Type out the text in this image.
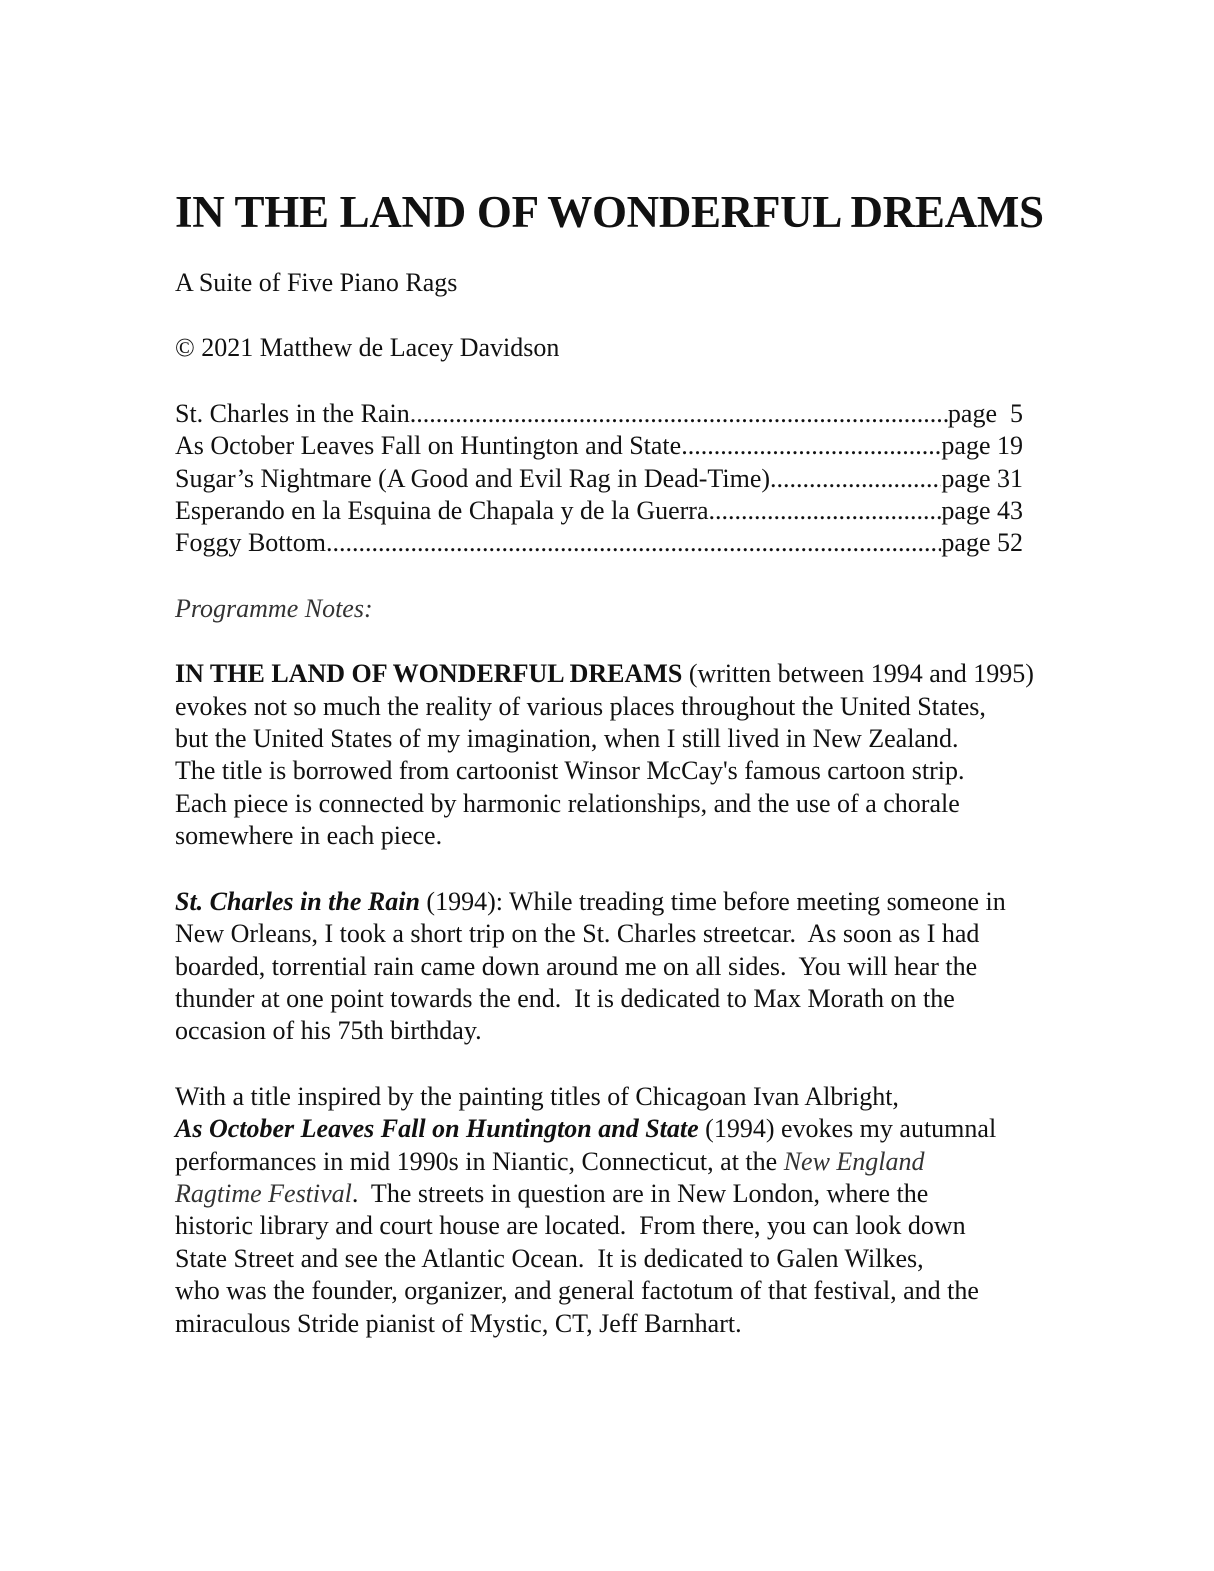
IN THE LAND OF WONDERFUL DREAMS

A Suite of Five Piano Rags

© 2021 Matthew de Lacey Davidson

St. Charles in the Rain .....	page  5
As October Leaves Fall on Huntington and State .....	page 19
Sugar’s Nightmare (A Good and Evil Rag in Dead-Time) .....	page 31
Esperando en la Esquina de Chapala y de la Guerra .....	page 43
Foggy Bottom .....	page 52

Programme Notes:

IN THE LAND OF WONDERFUL DREAMS (written between 1994 and 1995)

evokes not so much the reality of various places throughout the United States,

but the United States of my imagination, when I still lived in New Zealand.

The title is borrowed from cartoonist Winsor McCay's famous cartoon strip.

Each piece is connected by harmonic relationships, and the use of a chorale

somewhere in each piece.

St. Charles in the Rain (1994): While treading time before meeting someone in

New Orleans, I took a short trip on the St. Charles streetcar.  As soon as I had

boarded, torrential rain came down around me on all sides.  You will hear the

thunder at one point towards the end.  It is dedicated to Max Morath on the

occasion of his 75th birthday.

With a title inspired by the painting titles of Chicagoan Ivan Albright,

As October Leaves Fall on Huntington and State (1994) evokes my autumnal

performances in mid 1990s in Niantic, Connecticut, at the New England

Ragtime Festival.  The streets in question are in New London, where the

historic library and court house are located.  From there, you can look down

State Street and see the Atlantic Ocean.  It is dedicated to Galen Wilkes,

who was the founder, organizer, and general factotum of that festival, and the

miraculous Stride pianist of Mystic, CT, Jeff Barnhart.
